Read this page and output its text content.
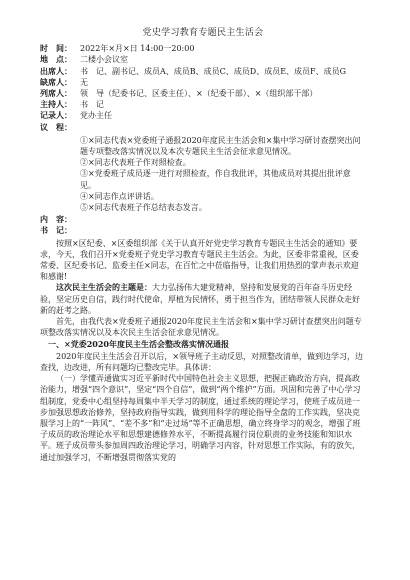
党史学习教育专题民主生活会
时　间：	2022年×月×日 14:00一20:00
地　点：	二楼小会议室
出席人：	书　记、副书记、成员A、成员B、成员C、成员D、成员E、成员F、成员G
缺席人：	无
列席人：	领　导（纪委书记、区委主任）、×（纪委干部）、×（组织部干部）
主持人：	书　记
记录人：	党办主任
议　程：
①×同志代表×党委班子通报2020年度民主生活会和×集中学习研讨查摆突出问题专项整改落实情况以及本次专题民主生活会征求意见情况。
②×同志代表班子作对照检查。
③×党委班子成员逐一进行对照检查，作自我批评，其他成员对其提出批评意见。
④×同志作点评讲话。
⑤×同志代表班子作总结表态发言。
内　容：
书　记：
按照×区纪委、×区委组织部《关于认真开好党史学习教育专题民主生活会的通知》要求，今天，我们召开×党委班子党史学习教育专题民主生活会。为此，区委非常重视，区委常委、区纪委书记、监委主任×同志，在百忙之中莅临指导，让我们用热烈的掌声表示欢迎和感谢!
这次民主生活会的主题是：大力弘扬伟大建党精神，坚持和发展党的百年奋斗历史经验，坚定历史自信，践行时代使命，厚植为民情怀，勇于担当作为，团结带领人民群众走好新的赶考之路。
首先，由我代表×党委班子通报2020年度民主生活会和×集中学习研讨查摆突出问题专项整改落实情况以及本次民主生活会征求意见情况。
一、×党委2020年度民主生活会整改落实情况通报
2020年度民主生活会召开以后，×领导班子主动反思，对照整改清单，做到边学习，边查找，边改进，所有问题均已整改完毕。具体讲：
（一）学懂弄通做实习近平新时代中国特色社会主义思想，把握正确政治方向，提高政治能力，增强“四个意识”，坚定“四个自信”，做到“两个维护”方面。巩固和完善了中心学习组制度，党委中心组坚持每周集中半天学习的制度，通过系统的理论学习，使班子成员进一步加强思想政治修养，坚持政府指导实践，做到用科学的理论指导全盘的工作实践，坚决克服学习上的“一阵风”、“差不多”和“走过场”等不正确思想，确立终身学习的观念，增强了班子成员的政治理论水平和思想建德修养水平，不断提高履行岗位职责的业务技能和知识水平。班子成员带头参加周四政治理论学习，明确学习内容，针对思想工作实际，有的放矢，通过加强学习，不断增强贯彻落实党的
